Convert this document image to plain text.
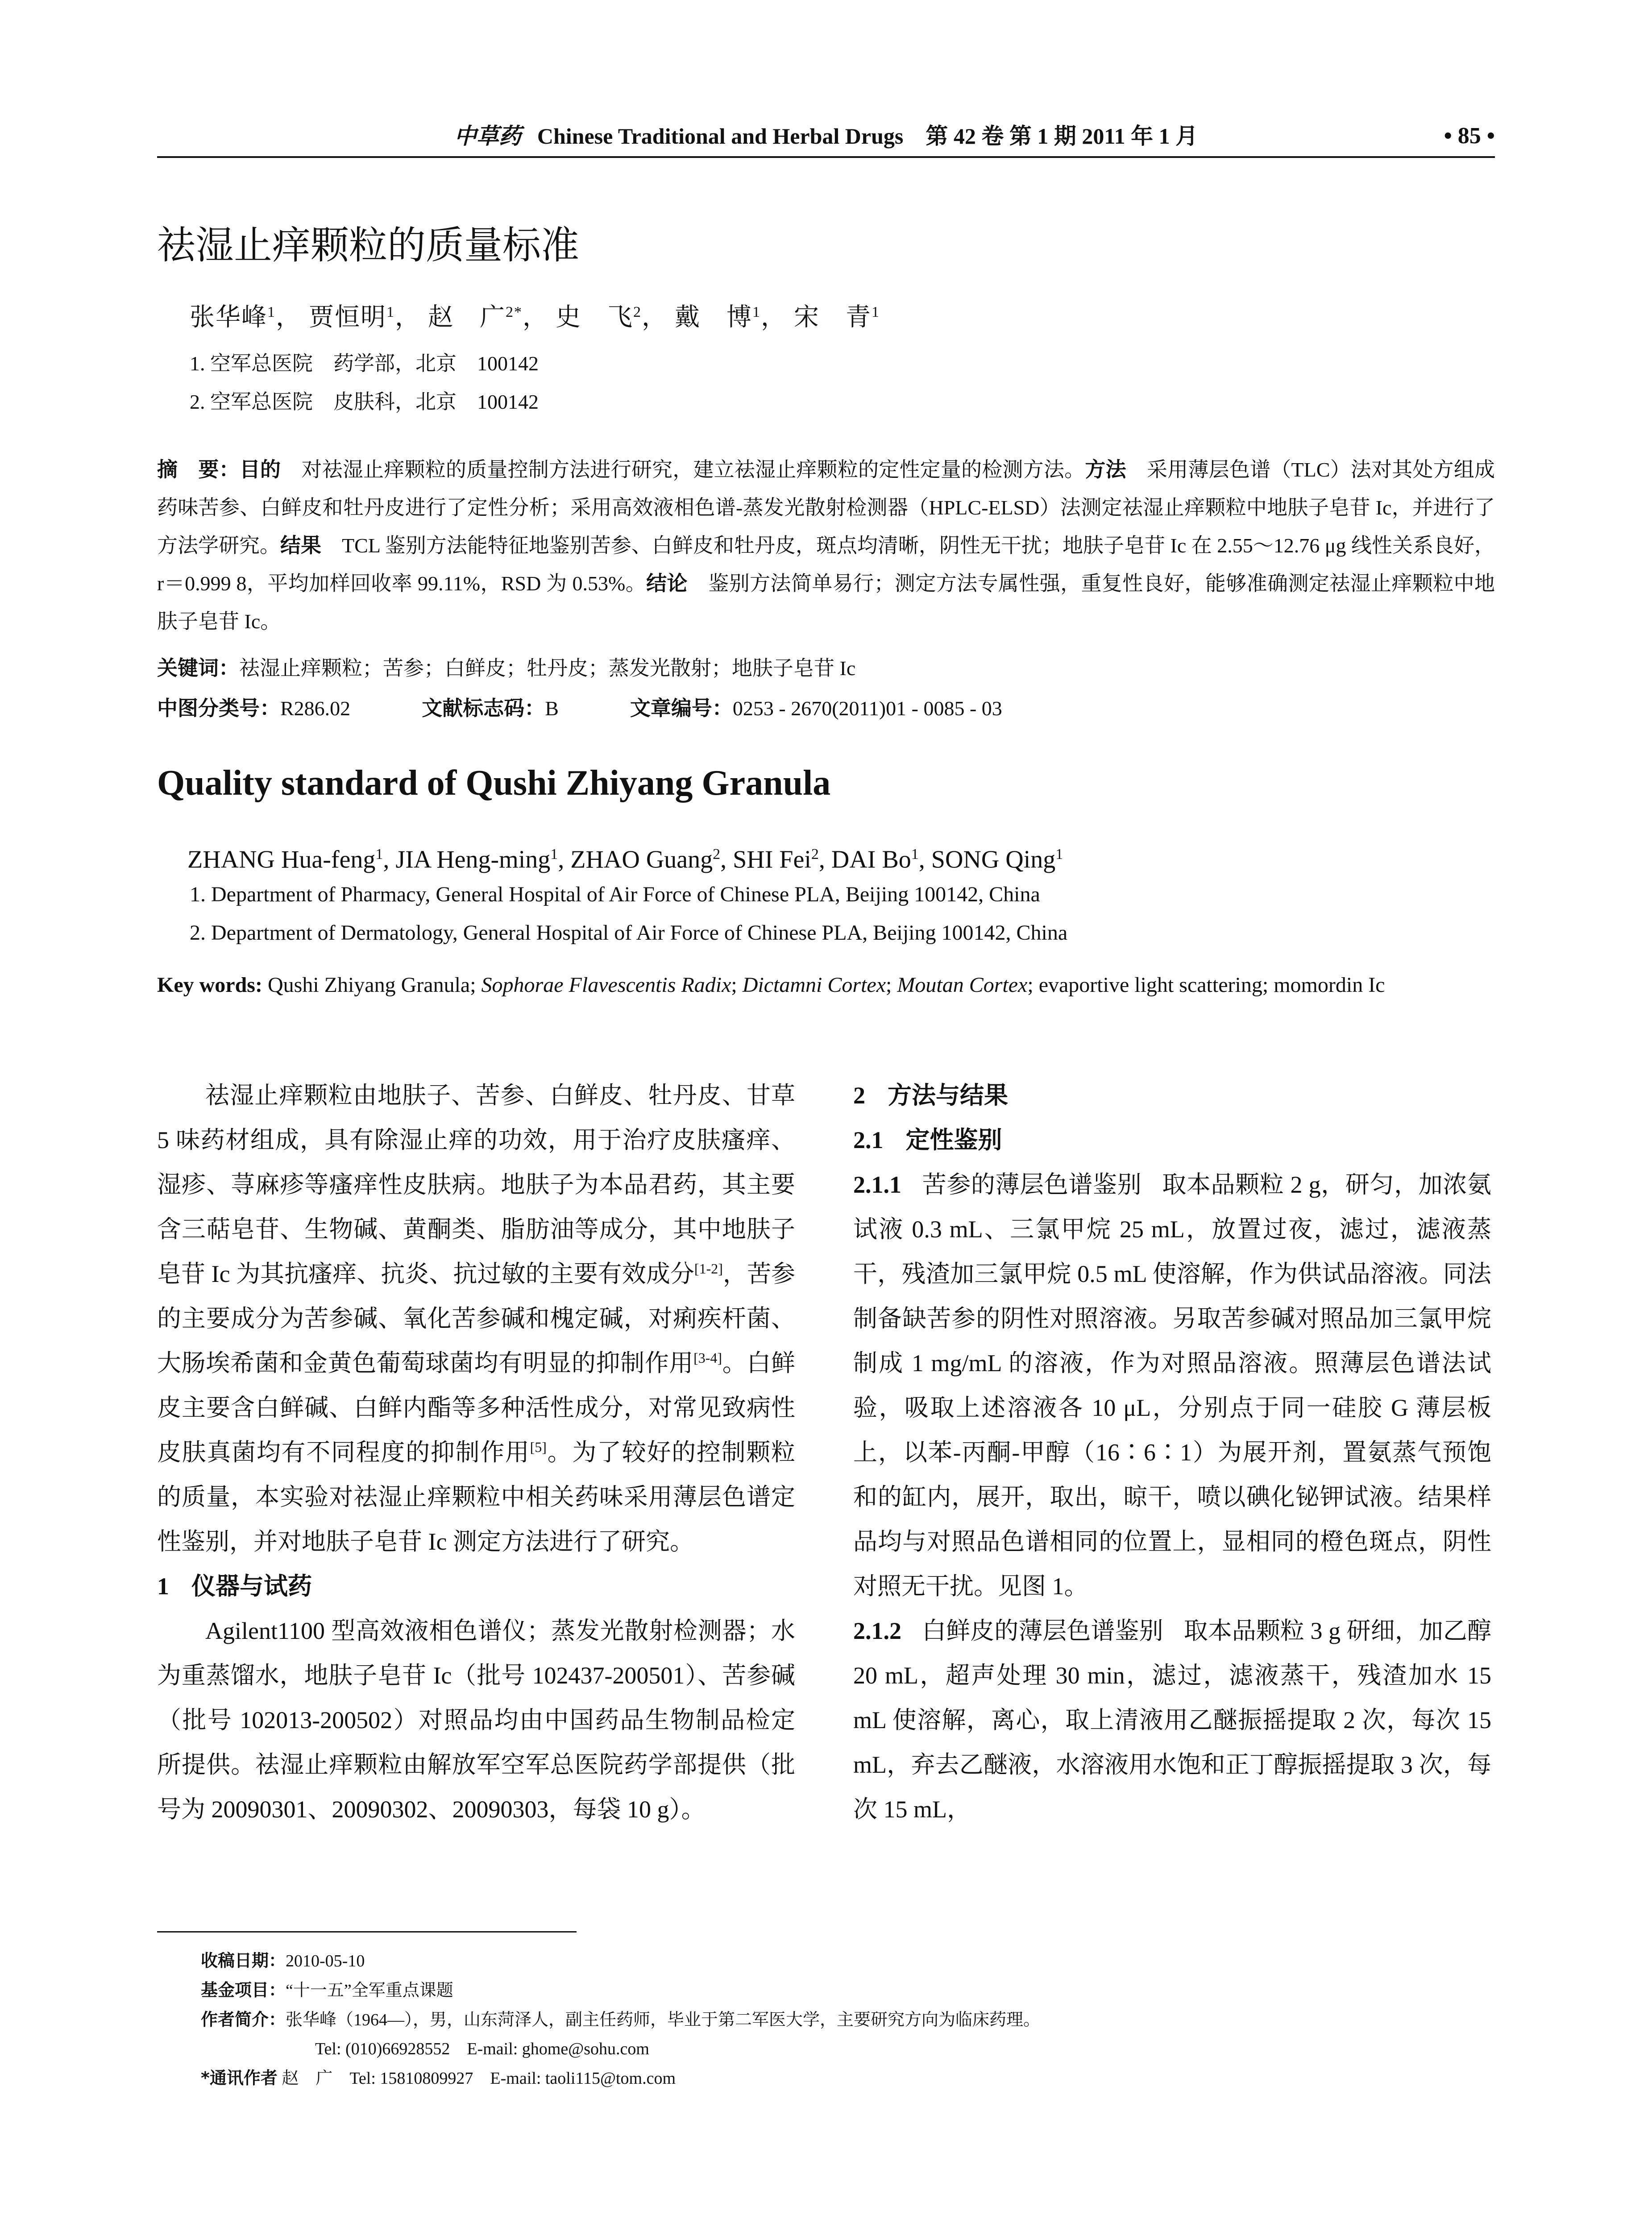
中草药 Chinese Traditional and Herbal Drugs　第 42 卷 第 1 期 2011 年 1 月	• 85 •
祛湿止痒颗粒的质量标准
张华峰$^1$， 贾恒明$^1$， 赵　广$^{2*}$， 史　飞$^2$， 戴　博$^1$， 宋　青$^1$
1. 空军总医院　药学部，北京　100142
2. 空军总医院　皮肤科，北京　100142
摘　要：目的　 对祛湿止痒颗粒的质量控制方法进行研究，建立祛湿止痒颗粒的定性定量的检测方法。方法　 采用薄层色谱（TLC）法对其处方组成药味苦参、白鲜皮和牡丹皮进行了定性分析；采用高效液相色谱-蒸发光散射检测器（HPLC-ELSD）法测定祛湿止痒颗粒中地肤子皂苷 Ic，并进行了方法学研究。结果　 TCL 鉴别方法能特征地鉴别苦参、白鲜皮和牡丹皮，斑点均清晰，阴性无干扰；地肤子皂苷 Ic 在 2.55～12.76 μg 线性关系良好，r＝0.999 8，平均加样回收率 99.11%，RSD 为 0.53%。结论　 鉴别方法简单易行；测定方法专属性强，重复性良好，能够准确测定祛湿止痒颗粒中地肤子皂苷 Ic。
关键词：祛湿止痒颗粒；苦参；白鲜皮；牡丹皮；蒸发光散射；地肤子皂苷 Ic
中图分类号：R286.02	文献标志码：B	文章编号：0253 - 2670(2011)01 - 0085 - 03
Quality standard of Qushi Zhiyang Granula
ZHANG Hua-feng$^1$, JIA Heng-ming$^1$, ZHAO Guang$^2$, SHI Fei$^2$, DAI Bo$^1$, SONG Qing$^1$
1. Department of Pharmacy, General Hospital of Air Force of Chinese PLA, Beijing 100142, China
2. Department of Dermatology, General Hospital of Air Force of Chinese PLA, Beijing 100142, China
Key words: Qushi Zhiyang Granula; Sophorae Flavescentis Radix; Dictamni Cortex; Moutan Cortex; evaportive light scattering; momordin Ic

祛湿止痒颗粒由地肤子、苦参、白鲜皮、牡丹皮、甘草 5 味药材组成，具有除湿止痒的功效，用于治疗皮肤瘙痒、湿疹、荨麻疹等瘙痒性皮肤病。地肤子为本品君药，其主要含三萜皂苷、生物碱、黄酮类、脂肪油等成分，其中地肤子皂苷 Ic 为其抗瘙痒、抗炎、抗过敏的主要有效成分[1-2]，苦参的主要成分为苦参碱、氧化苦参碱和槐定碱，对痢疾杆菌、大肠埃希菌和金黄色葡萄球菌均有明显的抑制作用[3-4]。白鲜皮主要含白鲜碱、白鲜内酯等多种活性成分，对常见致病性皮肤真菌均有不同程度的抑制作用[5]。为了较好的控制颗粒的质量，本实验对祛湿止痒颗粒中相关药味采用薄层色谱定性鉴别，并对地肤子皂苷 Ic 测定方法进行了研究。

1 仪器与试药

Agilent1100 型高效液相色谱仪；蒸发光散射检测器；水为重蒸馏水，地肤子皂苷 Ic（批号 102437-200501）、苦参碱（批号 102013-200502）对照品均由中国药品生物制品检定所提供。祛湿止痒颗粒由解放军空军总医院药学部提供（批号为 20090301、20090302、20090303，每袋 10 g）。

2 方法与结果

2.1 定性鉴别

2.1.1 苦参的薄层色谱鉴别 取本品颗粒 2 g，研匀，加浓氨试液 0.3 mL、三氯甲烷 25 mL，放置过夜，滤过，滤液蒸干，残渣加三氯甲烷 0.5 mL 使溶解，作为供试品溶液。同法制备缺苦参的阴性对照溶液。另取苦参碱对照品加三氯甲烷制成 1 mg/mL 的溶液，作为对照品溶液。照薄层色谱法试验，吸取上述溶液各 10 μL，分别点于同一硅胶 G 薄层板上，以苯-丙酮-甲醇（16∶6∶1）为展开剂，置氨蒸气预饱和的缸内，展开，取出，晾干，喷以碘化铋钾试液。结果样品均与对照品色谱相同的位置上，显相同的橙色斑点，阴性对照无干扰。见图 1。

2.1.2 白鲜皮的薄层色谱鉴别 取本品颗粒 3 g 研细，加乙醇 20 mL，超声处理 30 min，滤过，滤液蒸干，残渣加水 15 mL 使溶解，离心，取上清液用乙醚振摇提取 2 次，每次 15 mL，弃去乙醚液，水溶液用水饱和正丁醇振摇提取 3 次，每次 15 mL，

收稿日期：2010-05-10
基金项目：“十一五”全军重点课题
作者简介：张华峰（1964—），男，山东菏泽人，副主任药师，毕业于第二军医大学，主要研究方向为临床药理。
Tel: (010)66928552　E-mail: ghome@sohu.com
*通讯作者 赵　广　Tel: 15810809927　E-mail: taoli115@tom.com
